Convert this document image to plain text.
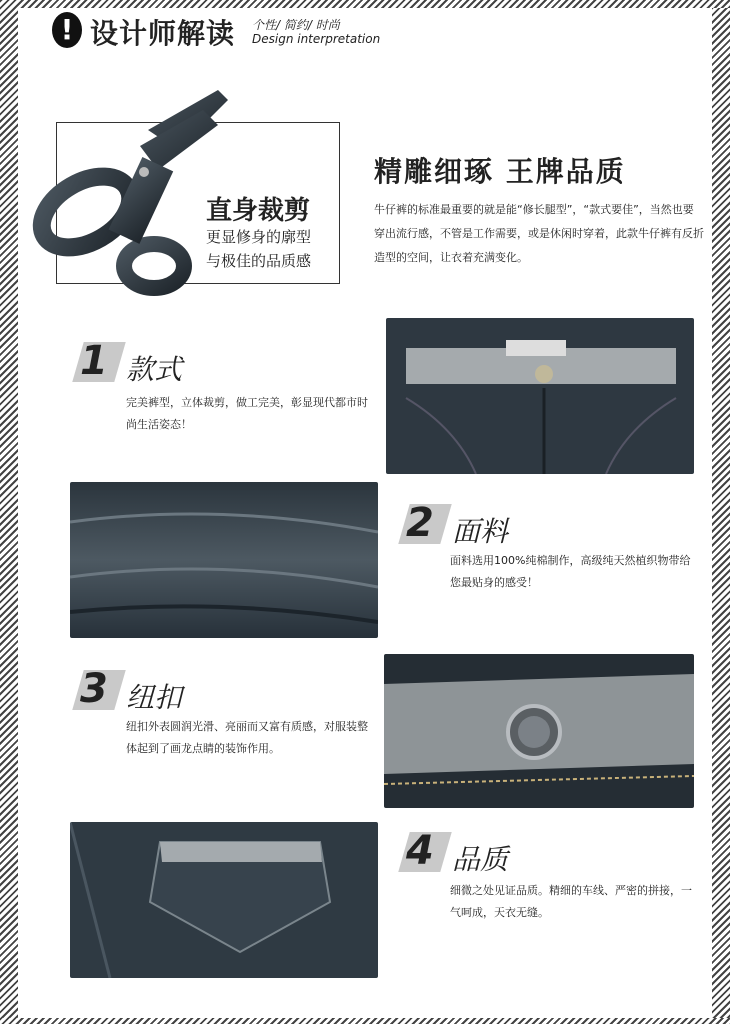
! 设计师解读 个性/ 简约/ 时尚
Design interpretation
直身裁剪
更显修身的廓型
与极佳的品质感
精雕细琢 王牌品质
牛仔裤的标准最重要的就是能“修长腿型”，“款式要佳”，当然也要穿出流行感，不管是工作需要，或是休闲时穿着，此款牛仔裤有反折造型的空间，让衣着充满变化。
1 款式
完美裤型，立体裁剪，做工完美，彰显现代都市时尚生活姿态！
2 面料
面料选用100%纯棉制作，高级纯天然植织物带给您最贴身的感受！
3 纽扣
纽扣外表圆润光滑、亮丽而又富有质感，对服装整体起到了画龙点睛的装饰作用。
4 品质
细微之处见证品质。精细的车线、严密的拼接，一气呵成，天衣无缝。
